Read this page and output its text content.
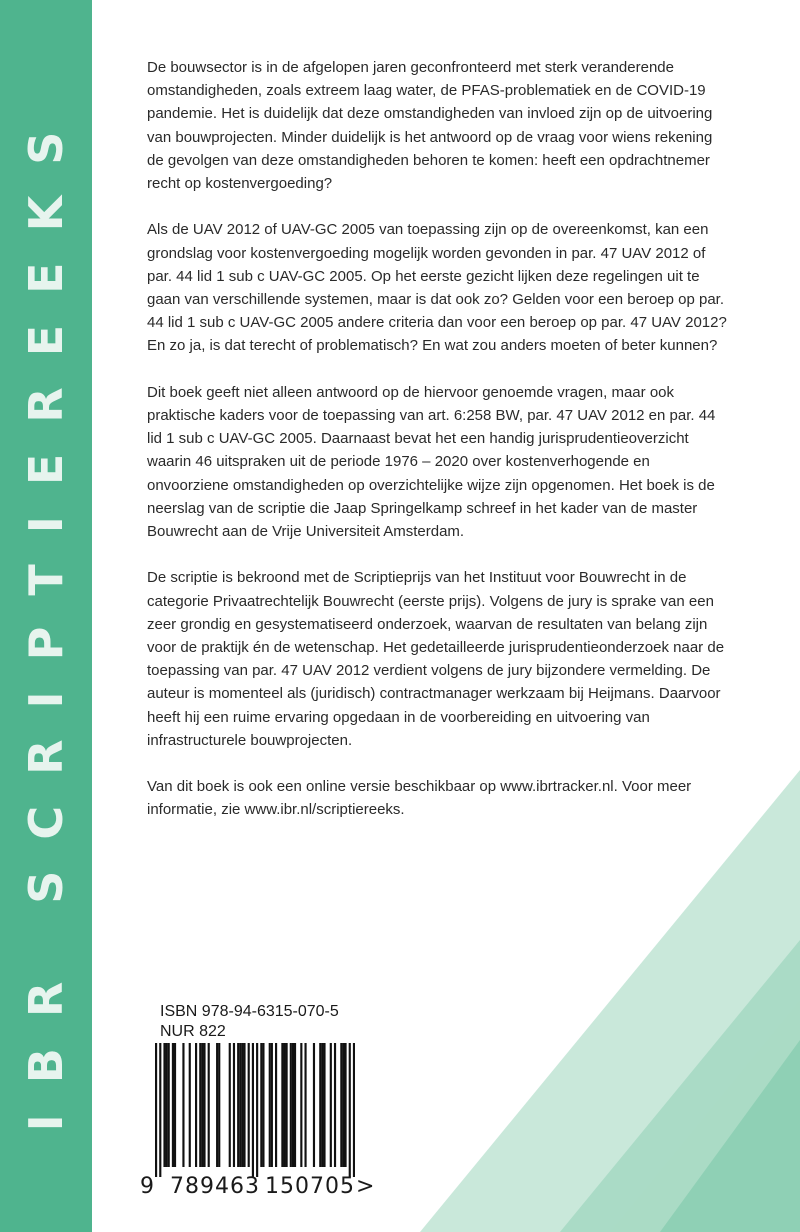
IBR SCRIPTIEREEKS

De bouwsector is in de afgelopen jaren geconfronteerd met sterk veranderende omstandigheden, zoals extreem laag water, de PFAS-problematiek en de COVID-19 pandemie. Het is duidelijk dat deze omstandigheden van invloed zijn op de uitvoering van bouwprojecten. Minder duidelijk is het antwoord op de vraag voor wiens rekening de gevolgen van deze omstandigheden behoren te komen: heeft een opdrachtnemer recht op kostenvergoeding?

Als de UAV 2012 of UAV-GC 2005 van toepassing zijn op de overeenkomst, kan een grondslag voor kostenvergoeding mogelijk worden gevonden in par. 47 UAV 2012 of par. 44 lid 1 sub c UAV-GC 2005. Op het eerste gezicht lijken deze regelingen uit te gaan van verschillende systemen, maar is dat ook zo? Gelden voor een beroep op par. 44 lid 1 sub c UAV-GC 2005 andere criteria dan voor een beroep op par. 47 UAV 2012? En zo ja, is dat terecht of problematisch? En wat zou anders moeten of beter kunnen?

Dit boek geeft niet alleen antwoord op de hiervoor genoemde vragen, maar ook praktische kaders voor de toepassing van art. 6:258 BW, par. 47 UAV 2012 en par. 44 lid 1 sub c UAV-GC 2005. Daarnaast bevat het een handig jurisprudentieoverzicht waarin 46 uitspraken uit de periode 1976 – 2020 over kostenverhogende en onvoorziene omstandigheden op overzichtelijke wijze zijn opgenomen. Het boek is de neerslag van de scriptie die Jaap Springelkamp schreef in het kader van de master Bouwrecht aan de Vrije Universiteit Amsterdam.

De scriptie is bekroond met de Scriptieprijs van het Instituut voor Bouwrecht in de categorie Privaatrechtelijk Bouwrecht (eerste prijs). Volgens de jury is sprake van een zeer grondig en gesystematiseerd onderzoek, waarvan de resultaten van belang zijn voor de praktijk én de wetenschap. Het gedetailleerde jurisprudentieonderzoek naar de toepassing van par. 47 UAV 2012 verdient volgens de jury bijzondere vermelding. De auteur is momenteel als (juridisch) contractmanager werkzaam bij Heijmans. Daarvoor heeft hij een ruime ervaring opgedaan in de voorbereiding en uitvoering van infrastructurele bouwprojecten.

Van dit boek is ook een online versie beschikbaar op www.ibrtracker.nl. Voor meer informatie, zie www.ibr.nl/scriptiereeks.

ISBN 978-94-6315-070-5
NUR 822
9 789463 150705 >
